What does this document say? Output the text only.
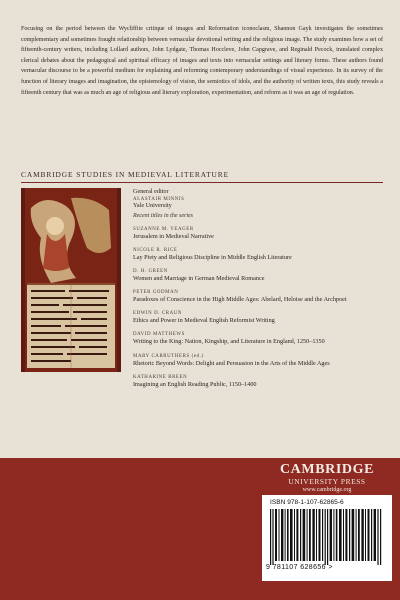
Focusing on the period between the Wycliffite critique of images and Reformation iconoclasm, Shannon Gayk investigates the sometimes complementary and sometimes fraught relationship between vernacular devotional writing and the religious image. The study examines how a set of fifteenth-century writers, including Lollard authors, John Lydgate, Thomas Hoccleve, John Capgrave, and Reginald Pecock, translated complex clerical debates about the pedagogical and spiritual efficacy of images and texts into vernacular settings and literary forms. These authors found vernacular discourse to be a powerful medium for explaining and reforming contemporary understandings of visual experience. In its survey of the function of literary images and imagination, the epistemology of vision, the semiotics of idols, and the authority of written texts, this study reveals a fifteenth century that was as much an age of religious and literary exploration, experimentation, and reform as it was an age of regulation.

CAMBRIDGE STUDIES IN MEDIEVAL LITERATURE
General editor
ALASTAIR MINNIS
Yale University
Recent titles in the series
SUZANNE M. YEAGER
Jerusalem in Medieval Narrative
NICOLE R. RICE
Lay Piety and Religious Discipline in Middle English Literature
D. H. GREEN
Women and Marriage in German Medieval Romance
PETER GODMAN
Paradoxes of Conscience in the High Middle Ages: Abelard, Heloise and the Archpoet
EDWIN D. CRAUN
Ethics and Power in Medieval English Reformist Writing
DAVID MATTHEWS
Writing to the King: Nation, Kingship, and Literature in England, 1250–1350
MARY CARRUTHERS (ed.)
Rhetoric Beyond Words: Delight and Persuasion in the Arts of the Middle Ages
KATHARINE BREEN
Imagining an English Reading Public, 1150–1400
CAMBRIDGE
UNIVERSITY PRESS
www.cambridge.org
ISBN 978-1-107-62865-6
9 781107 628656 >
